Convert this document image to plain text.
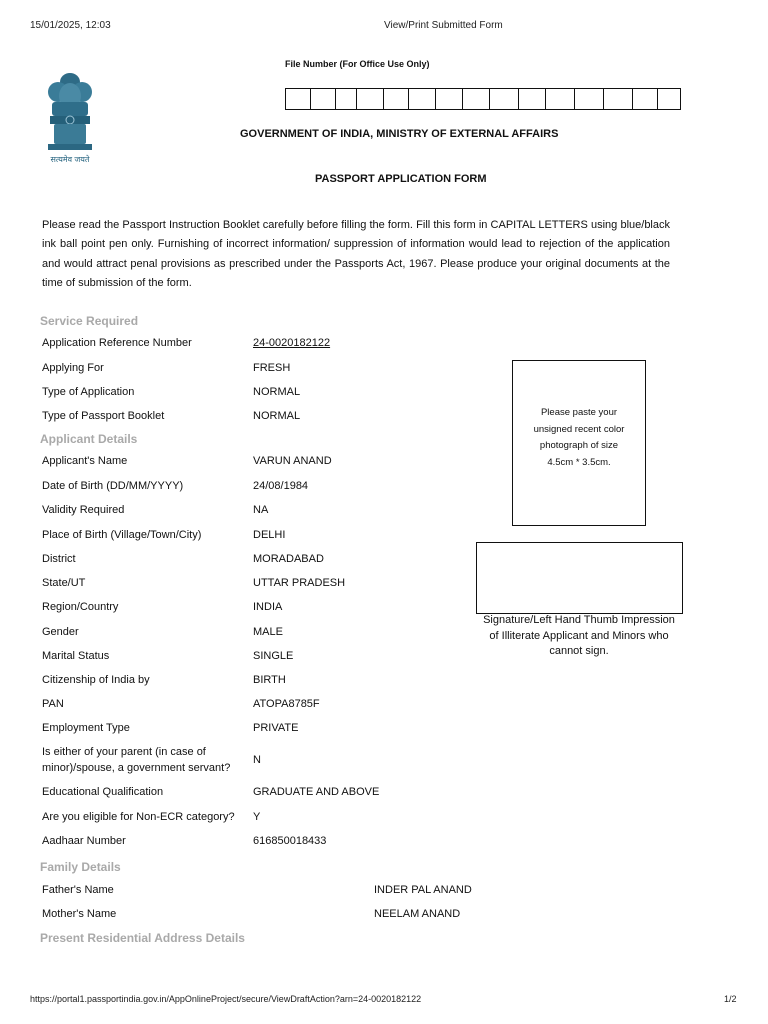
15/01/2025, 12:03	View/Print Submitted Form
सत्यमेव जयते
File Number (For Office Use Only)
GOVERNMENT OF INDIA, MINISTRY OF EXTERNAL AFFAIRS
PASSPORT APPLICATION FORM
Please read the Passport Instruction Booklet carefully before filling the form. Fill this form in CAPITAL LETTERS using blue/black ink ball point pen only. Furnishing of incorrect information/ suppression of information would lead to rejection of the application and would attract penal provisions as prescribed under the Passports Act, 1967. Please produce your original documents at the time of submission of the form.
Service Required
Application Reference Number	24-0020182122
Applying For	FRESH
Type of Application	NORMAL
Type of Passport Booklet	NORMAL
Applicant Details
Applicant's Name	VARUN ANAND
Date of Birth (DD/MM/YYYY)	24/08/1984
Validity Required	NA
Place of Birth (Village/Town/City)	DELHI
District	MORADABAD
State/UT	UTTAR PRADESH
Region/Country	INDIA
Gender	MALE
Marital Status	SINGLE
Citizenship of India by	BIRTH
PAN	ATOPA8785F
Employment Type	PRIVATE
Is either of your parent (in case of
minor)/spouse, a government servant?
N
Educational Qualification	GRADUATE AND ABOVE
Are you eligible for Non-ECR category? Y
Aadhaar Number	616850018433
Family Details
Father's Name	INDER PAL ANAND
Mother's Name	NEELAM ANAND
Present Residential Address Details
Please paste your
unsigned recent color
photograph of size
4.5cm * 3.5cm.
Signature/Left Hand Thumb Impression
of Illiterate Applicant and Minors who
cannot sign.
https://portal1.passportindia.gov.in/AppOnlineProject/secure/ViewDraftAction?arn=24-0020182122	1/2
